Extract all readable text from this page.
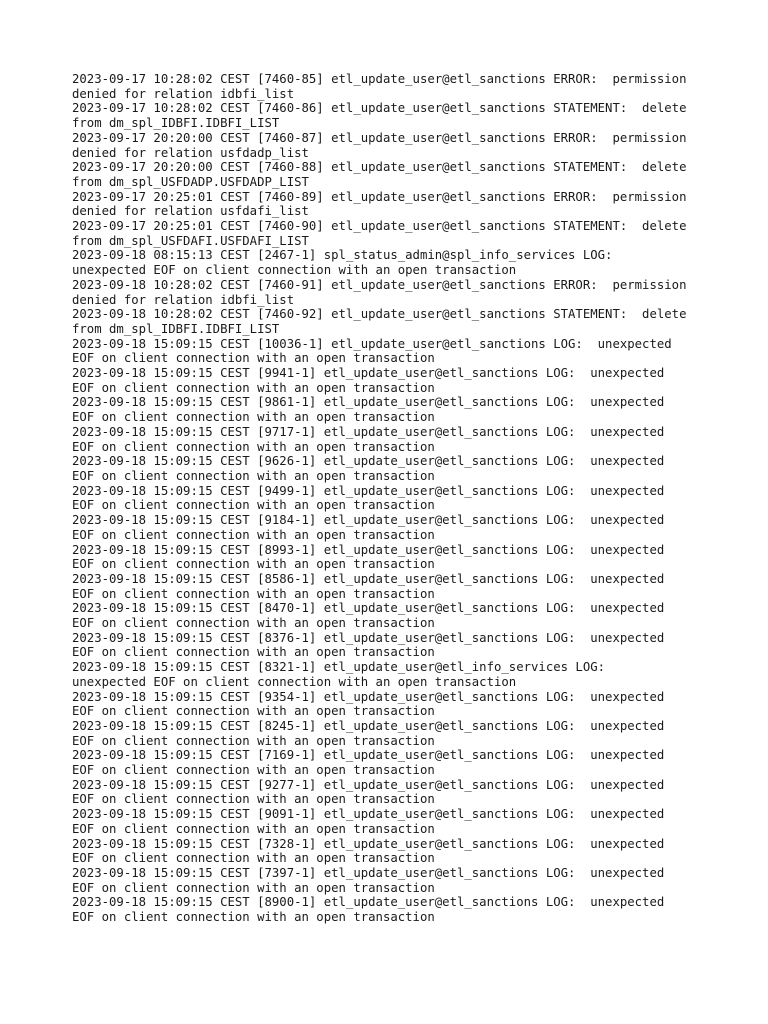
2023-09-17 10:28:02 CEST [7460-85] etl_update_user@etl_sanctions ERROR:  permission
denied for relation idbfi_list
2023-09-17 10:28:02 CEST [7460-86] etl_update_user@etl_sanctions STATEMENT:  delete
from dm_spl_IDBFI.IDBFI_LIST
2023-09-17 20:20:00 CEST [7460-87] etl_update_user@etl_sanctions ERROR:  permission
denied for relation usfdadp_list
2023-09-17 20:20:00 CEST [7460-88] etl_update_user@etl_sanctions STATEMENT:  delete
from dm_spl_USFDADP.USFDADP_LIST
2023-09-17 20:25:01 CEST [7460-89] etl_update_user@etl_sanctions ERROR:  permission
denied for relation usfdafi_list
2023-09-17 20:25:01 CEST [7460-90] etl_update_user@etl_sanctions STATEMENT:  delete
from dm_spl_USFDAFI.USFDAFI_LIST
2023-09-18 08:15:13 CEST [2467-1] spl_status_admin@spl_info_services LOG:
unexpected EOF on client connection with an open transaction
2023-09-18 10:28:02 CEST [7460-91] etl_update_user@etl_sanctions ERROR:  permission
denied for relation idbfi_list
2023-09-18 10:28:02 CEST [7460-92] etl_update_user@etl_sanctions STATEMENT:  delete
from dm_spl_IDBFI.IDBFI_LIST
2023-09-18 15:09:15 CEST [10036-1] etl_update_user@etl_sanctions LOG:  unexpected
EOF on client connection with an open transaction
2023-09-18 15:09:15 CEST [9941-1] etl_update_user@etl_sanctions LOG:  unexpected
EOF on client connection with an open transaction
2023-09-18 15:09:15 CEST [9861-1] etl_update_user@etl_sanctions LOG:  unexpected
EOF on client connection with an open transaction
2023-09-18 15:09:15 CEST [9717-1] etl_update_user@etl_sanctions LOG:  unexpected
EOF on client connection with an open transaction
2023-09-18 15:09:15 CEST [9626-1] etl_update_user@etl_sanctions LOG:  unexpected
EOF on client connection with an open transaction
2023-09-18 15:09:15 CEST [9499-1] etl_update_user@etl_sanctions LOG:  unexpected
EOF on client connection with an open transaction
2023-09-18 15:09:15 CEST [9184-1] etl_update_user@etl_sanctions LOG:  unexpected
EOF on client connection with an open transaction
2023-09-18 15:09:15 CEST [8993-1] etl_update_user@etl_sanctions LOG:  unexpected
EOF on client connection with an open transaction
2023-09-18 15:09:15 CEST [8586-1] etl_update_user@etl_sanctions LOG:  unexpected
EOF on client connection with an open transaction
2023-09-18 15:09:15 CEST [8470-1] etl_update_user@etl_sanctions LOG:  unexpected
EOF on client connection with an open transaction
2023-09-18 15:09:15 CEST [8376-1] etl_update_user@etl_sanctions LOG:  unexpected
EOF on client connection with an open transaction
2023-09-18 15:09:15 CEST [8321-1] etl_update_user@etl_info_services LOG:
unexpected EOF on client connection with an open transaction
2023-09-18 15:09:15 CEST [9354-1] etl_update_user@etl_sanctions LOG:  unexpected
EOF on client connection with an open transaction
2023-09-18 15:09:15 CEST [8245-1] etl_update_user@etl_sanctions LOG:  unexpected
EOF on client connection with an open transaction
2023-09-18 15:09:15 CEST [7169-1] etl_update_user@etl_sanctions LOG:  unexpected
EOF on client connection with an open transaction
2023-09-18 15:09:15 CEST [9277-1] etl_update_user@etl_sanctions LOG:  unexpected
EOF on client connection with an open transaction
2023-09-18 15:09:15 CEST [9091-1] etl_update_user@etl_sanctions LOG:  unexpected
EOF on client connection with an open transaction
2023-09-18 15:09:15 CEST [7328-1] etl_update_user@etl_sanctions LOG:  unexpected
EOF on client connection with an open transaction
2023-09-18 15:09:15 CEST [7397-1] etl_update_user@etl_sanctions LOG:  unexpected
EOF on client connection with an open transaction
2023-09-18 15:09:15 CEST [8900-1] etl_update_user@etl_sanctions LOG:  unexpected
EOF on client connection with an open transaction
